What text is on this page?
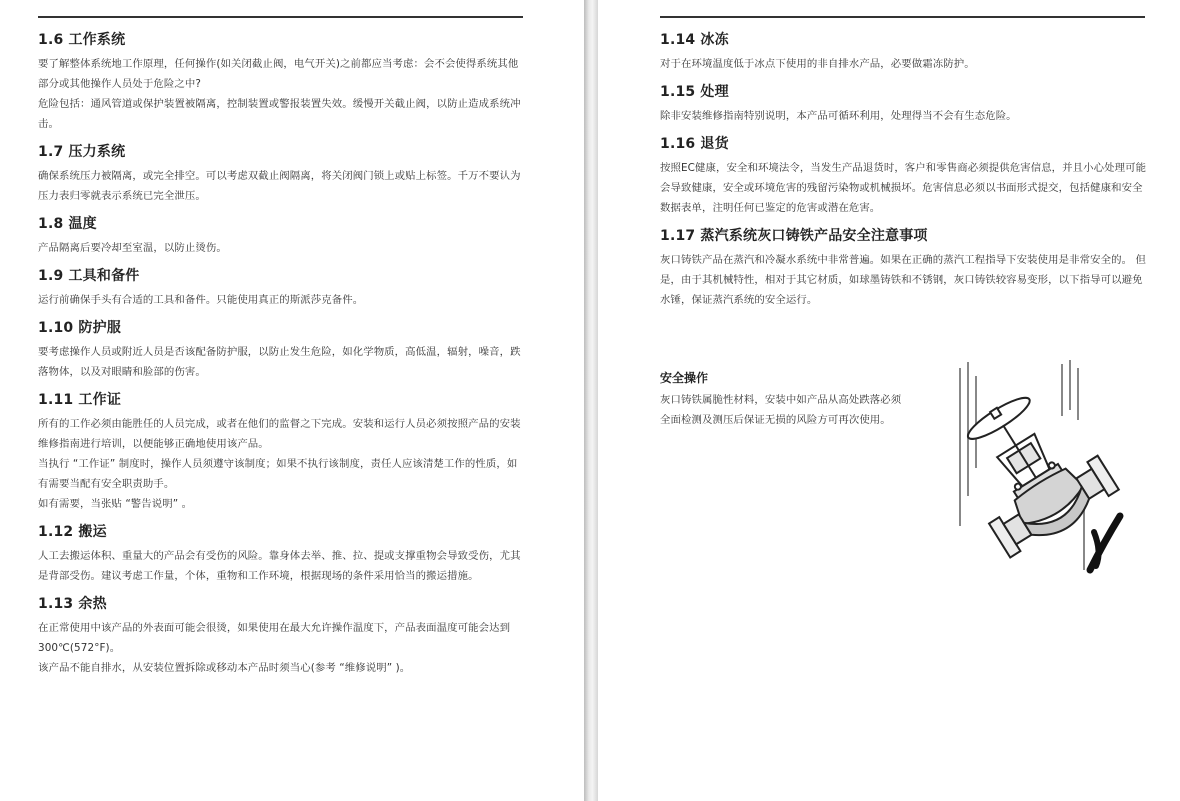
1.6 工作系统

要了解整体系统地工作原理，任何操作(如关闭截止阀，电气开关)之前都应当考虑：会不会使得系统其他部分或其他操作人员处于危险之中?

危险包括：通风管道或保护装置被隔离，控制装置或警报装置失效。缓慢开关截止阀，以防止造成系统冲击。

1.7 压力系统

确保系统压力被隔离，或完全排空。可以考虑双截止阀隔离，将关闭阀门锁上或贴上标签。千万不要认为压力表归零就表示系统已完全泄压。

1.8 温度

产品隔离后要冷却至室温，以防止烫伤。

1.9 工具和备件

运行前确保手头有合适的工具和备件。只能使用真正的斯派莎克备件。

1.10 防护服

要考虑操作人员或附近人员是否该配备防护服，以防止发生危险，如化学物质，高低温，辐射，噪音，跌落物体，以及对眼睛和脸部的伤害。

1.11 工作证

所有的工作必须由能胜任的人员完成，或者在他们的监督之下完成。安装和运行人员必须按照产品的安装维修指南进行培训，以便能够正确地使用该产品。

当执行 “工作证” 制度时，操作人员须遵守该制度；如果不执行该制度，责任人应该清楚工作的性质，如有需要当配有安全职责助手。

如有需要，当张贴 “警告说明” 。

1.12 搬运

人工去搬运体积、重量大的产品会有受伤的风险。靠身体去举、推、拉、提或支撑重物会导致受伤，尤其是背部受伤。建议考虑工作量，个体，重物和工作环境，根据现场的条件采用恰当的搬运措施。

1.13 余热

在正常使用中该产品的外表面可能会很烫，如果使用在最大允许操作温度下，产品表面温度可能会达到300℃(572°F)。

该产品不能自排水，从安装位置拆除或移动本产品时须当心(参考 “维修说明” )。

1.14 冰冻

对于在环境温度低于冰点下使用的非自排水产品，必要做霜冻防护。

1.15 处理

除非安装维修指南特别说明，本产品可循环利用，处理得当不会有生态危险。

1.16 退货

按照EC健康，安全和环境法令，当发生产品退货时，客户和零售商必须提供危害信息，并且小心处理可能会导致健康，安全或环境危害的残留污染物或机械损坏。危害信息必须以书面形式提交，包括健康和安全数据表单，注明任何已鉴定的危害或潜在危害。

1.17 蒸汽系统灰口铸铁产品安全注意事项

灰口铸铁产品在蒸汽和冷凝水系统中非常普遍。如果在正确的蒸汽工程指导下安装使用是非常安全的。 但是，由于其机械特性，相对于其它材质，如球墨铸铁和不锈钢，灰口铸铁较容易变形，以下指导可以避免水锤，保证蒸汽系统的安全运行。

安全操作

灰口铸铁属脆性材料，安装中如产品从高处跌落必须全面检测及测压后保证无损的风险方可再次使用。
